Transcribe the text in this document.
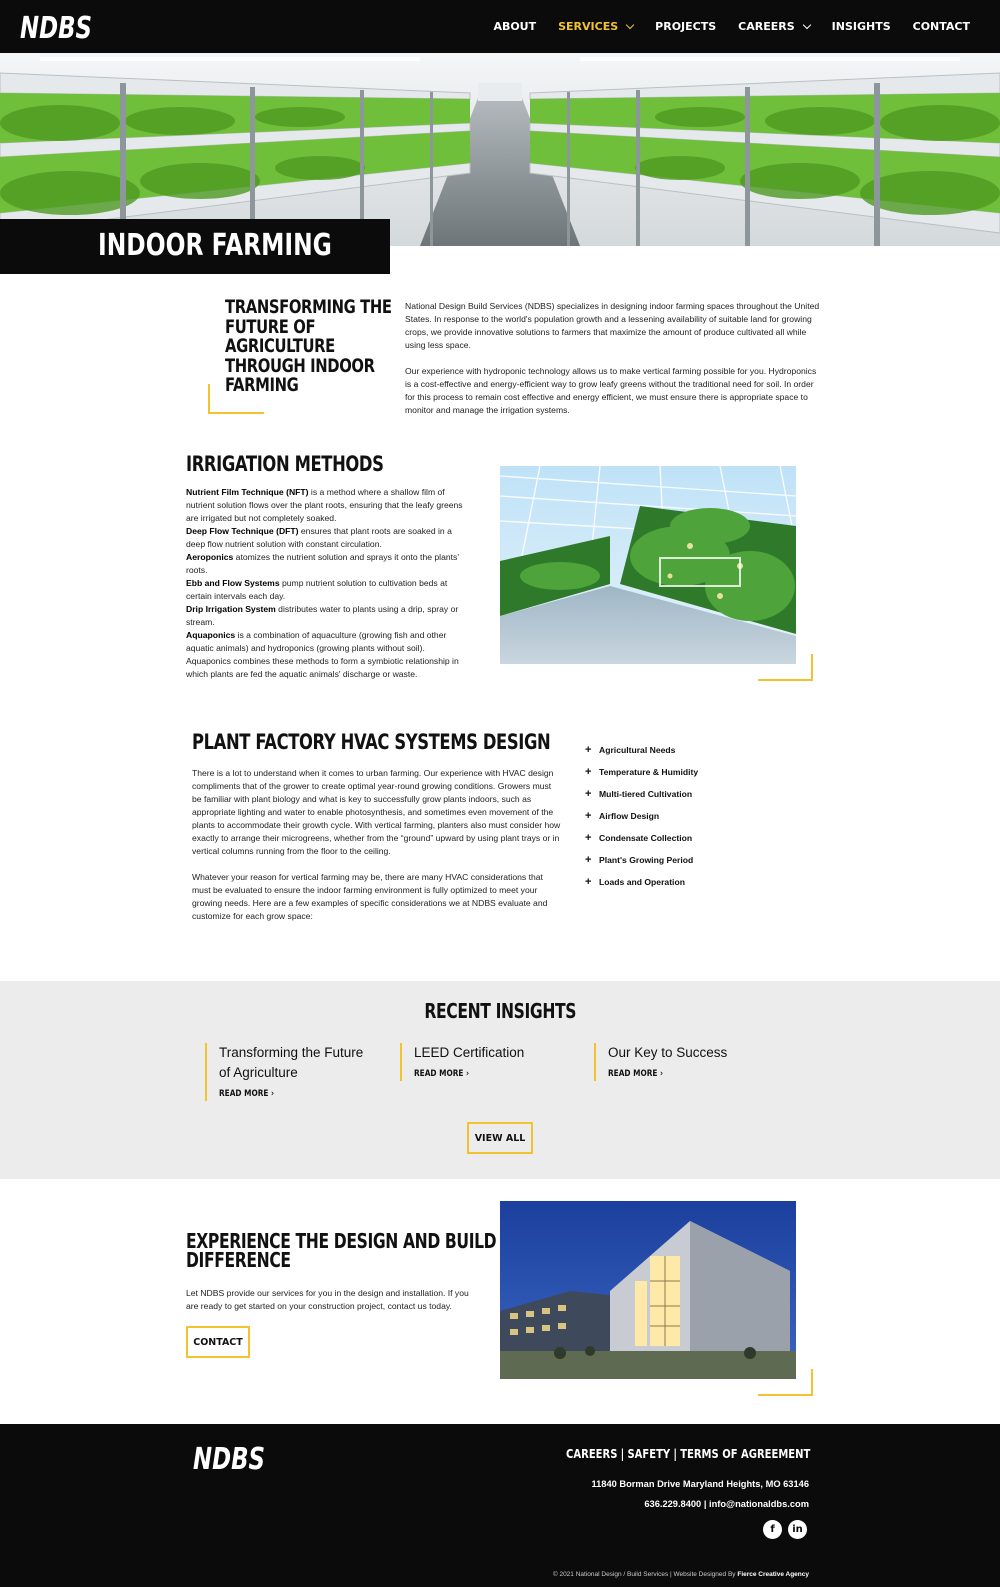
NDBS	ABOUT SERVICES	PROJECTS CAREERS	INSIGHTS CONTACT
INDOOR FARMING
TRANSFORMING THE
FUTURE OF
AGRICULTURE
THROUGH INDOOR
FARMING

National Design Build Services (NDBS) specializes in designing indoor farming spaces throughout the United States. In response to the world's population growth and a lessening availability of suitable land for growing crops, we provide innovative solutions to farmers that maximize the amount of produce cultivated all while using less space.

Our experience with hydroponic technology allows us to make vertical farming possible for you. Hydroponics is a cost-effective and energy-efficient way to grow leafy greens without the traditional need for soil. In order for this process to remain cost effective and energy efficient, we must ensure there is appropriate space to monitor and manage the irrigation systems.

IRRIGATION METHODS
Nutrient Film Technique (NFT) is a method where a shallow film of nutrient solution flows over the plant roots, ensuring that the leafy greens are irrigated but not completely soaked.
Deep Flow Technique (DFT) ensures that plant roots are soaked in a deep flow nutrient solution with constant circulation.
Aeroponics atomizes the nutrient solution and sprays it onto the plants' roots.
Ebb and Flow Systems pump nutrient solution to cultivation beds at certain intervals each day.
Drip Irrigation System distributes water to plants using a drip, spray or stream.
Aquaponics is a combination of aquaculture (growing fish and other aquatic animals) and hydroponics (growing plants without soil). Aquaponics combines these methods to form a symbiotic relationship in which plants are fed the aquatic animals' discharge or waste.
PLANT FACTORY HVAC SYSTEMS DESIGN

There is a lot to understand when it comes to urban farming. Our experience with HVAC design compliments that of the grower to create optimal year-round growing conditions. Growers must be familiar with plant biology and what is key to successfully grow plants indoors, such as appropriate lighting and water to enable photosynthesis, and sometimes even movement of the plants to accommodate their growth cycle. With vertical farming, planters also must consider how exactly to arrange their microgreens, whether from the “ground” upward by using plant trays or in vertical columns running from the floor to the ceiling.

Whatever your reason for vertical farming may be, there are many HVAC considerations that must be evaluated to ensure the indoor farming environment is fully optimized to meet your growing needs. Here are a few examples of specific considerations we at NDBS evaluate and customize for each grow space:

+ Agricultural Needs
+ Temperature & Humidity
+ Multi-tiered Cultivation
+ Airflow Design
+ Condensate Collection
+ Plant's Growing Period
+ Loads and Operation
RECENT INSIGHTS
Transforming the Future of Agriculture
READ MORE ›
LEED Certification
READ MORE ›
Our Key to Success
READ MORE ›
VIEW ALL
EXPERIENCE THE DESIGN AND BUILD
DIFFERENCE
Let NDBS provide our services for you in the design and installation. If you are ready to get started on your construction project, contact us today.
CONTACT
NDBS	CAREERS | SAFETY | TERMS OF AGREEMENT
11840 Borman Drive Maryland Heights, MO 63146
636.229.8400 | info@nationaldbs.com
f	in
© 2021 National Design / Build Services | Website Designed By Fierce Creative Agency
